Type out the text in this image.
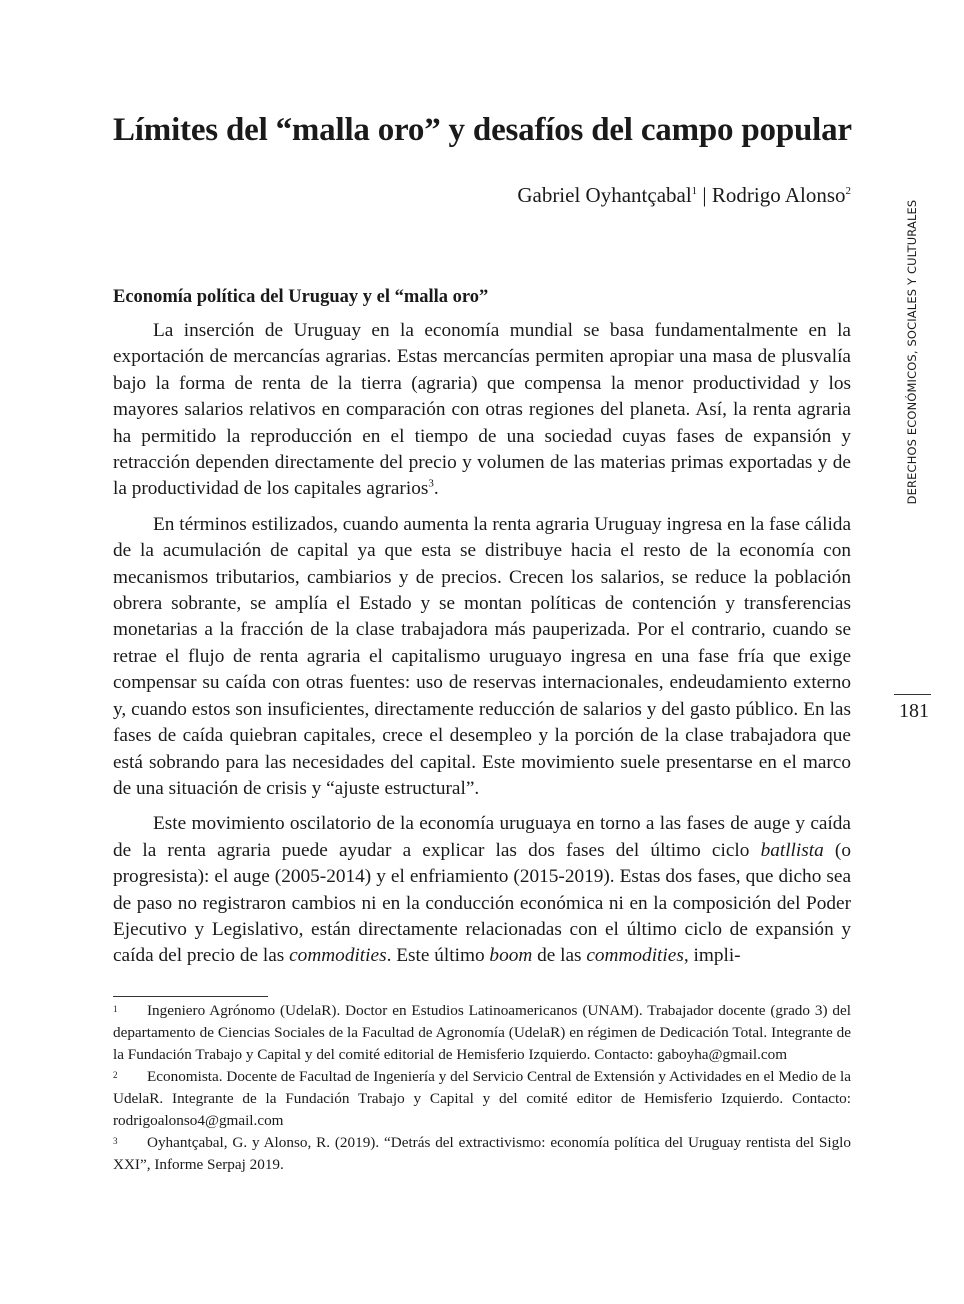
Límites del “malla oro” y desafíos del campo popular
Gabriel Oyhantçabal$^1$ | Rodrigo Alonso$^2$
DERECHOS ECONÓMICOS, SOCIALES Y CULTURALES
181
Economía política del Uruguay y el “malla oro”

La inserción de Uruguay en la economía mundial se basa fundamentalmente en la exportación de mercancías agrarias. Estas mercancías permiten apropiar una masa de plusvalía bajo la forma de renta de la tierra (agraria) que compensa la menor productividad y los mayores salarios relativos en comparación con otras regiones del planeta. Así, la renta agraria ha permitido la reproducción en el tiempo de una sociedad cuyas fases de expansión y retracción dependen directamente del precio y volumen de las materias primas exportadas y de la productividad de los capitales agrarios$^3$.

En términos estilizados, cuando aumenta la renta agraria Uruguay ingresa en la fase cálida de la acumulación de capital ya que esta se distribuye hacia el resto de la economía con mecanismos tributarios, cambiarios y de precios. Crecen los salarios, se reduce la población obrera sobrante, se amplía el Estado y se montan políticas de contención y transferencias monetarias a la fracción de la clase trabajadora más pauperizada. Por el contrario, cuando se retrae el flujo de renta agraria el capitalismo uruguayo ingresa en una fase fría que exige compensar su caída con otras fuentes: uso de reservas internacionales, endeudamiento externo y, cuando estos son insuficientes, directamente reducción de salarios y del gasto público. En las fases de caída quiebran capitales, crece el desempleo y la porción de la clase trabajadora que está sobrando para las necesidades del capital. Este movimiento suele presentarse en el marco de una situación de crisis y “ajuste estructural”.

Este movimiento oscilatorio de la economía uruguaya en torno a las fases de auge y caída de la renta agraria puede ayudar a explicar las dos fases del último ciclo batllista (o progresista): el auge (2005-2014) y el enfriamiento (2015-2019). Estas dos fases, que dicho sea de paso no registraron cambios ni en la conducción económica ni en la composición del Poder Ejecutivo y Legislativo, están directamente relacionadas con el último ciclo de expansión y caída del precio de las commodities. Este último boom de las commodities, impli-

1 Ingeniero Agrónomo (UdelaR). Doctor en Estudios Latinoamericanos (UNAM). Trabajador docente (grado 3) del departamento de Ciencias Sociales de la Facultad de Agronomía (UdelaR) en régimen de Dedicación Total. Integrante de la Fundación Trabajo y Capital y del comité editorial de Hemisferio Izquierdo. Contacto: gaboyha@gmail.com

2 Economista. Docente de Facultad de Ingeniería y del Servicio Central de Extensión y Actividades en el Medio de la UdelaR. Integrante de la Fundación Trabajo y Capital y del comité editor de Hemisferio Izquierdo. Contacto: rodrigoalonso4@gmail.com

3 Oyhantçabal, G. y Alonso, R. (2019). “Detrás del extractivismo: economía política del Uruguay rentista del Siglo XXI”, Informe Serpaj 2019.
